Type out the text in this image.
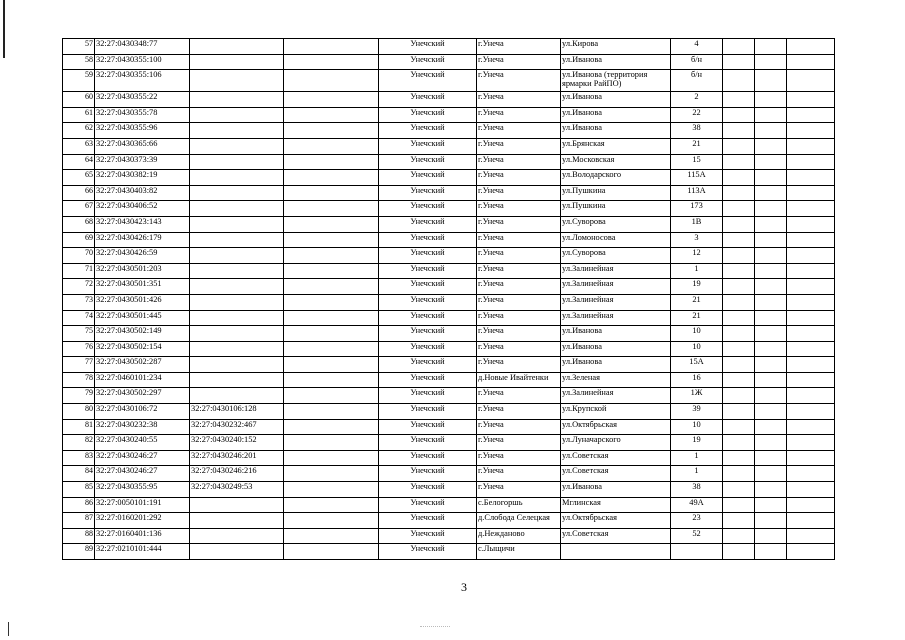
57	32:27:0430348:77			Унечский	г.Унеча	ул.Кирова	4			
58	32:27:0430355:100			Унечский	г.Унеча	ул.Иванова	б/н			
59	32:27:0430355:106			Унечский	г.Унеча	ул.Иванова (территория ярмарки РайПО)	б/н			
60	32:27:0430355:22			Унечский	г.Унеча	ул.Иванова	2			
61	32:27:0430355:78			Унечский	г.Унеча	ул.Иванова	22			
62	32:27:0430355:96			Унечский	г.Унеча	ул.Иванова	38			
63	32:27:0430365:66			Унечский	г.Унеча	ул.Брянская	21			
64	32:27:0430373:39			Унечский	г.Унеча	ул.Московская	15			
65	32:27:0430382:19			Унечский	г.Унеча	ул.Володарского	115А			
66	32:27:0430403:82			Унечский	г.Унеча	ул.Пушкина	113А			
67	32:27:0430406:52			Унечский	г.Унеча	ул.Пушкина	173			
68	32:27:0430423:143			Унечский	г.Унеча	ул.Суворова	1В			
69	32:27:0430426:179			Унечский	г.Унеча	ул.Ломоносова	3			
70	32:27:0430426:59			Унечский	г.Унеча	ул.Суворова	12			
71	32:27:0430501:203			Унечский	г.Унеча	ул.Залинейная	1			
72	32:27:0430501:351			Унечский	г.Унеча	ул.Залинейная	19			
73	32:27:0430501:426			Унечский	г.Унеча	ул.Залинейная	21			
74	32:27:0430501:445			Унечский	г.Унеча	ул.Залинейная	21			
75	32:27:0430502:149			Унечский	г.Унеча	ул.Иванова	10			
76	32:27:0430502:154			Унечский	г.Унеча	ул.Иванова	10			
77	32:27:0430502:287			Унечский	г.Унеча	ул.Иванова	15А			
78	32:27:0460101:234			Унечский	д.Новые Ивайтенки	ул.Зеленая	16			
79	32:27:0430502:297			Унечский	г.Унеча	ул.Залинейная	1Ж			
80	32:27:0430106:72	32:27:0430106:128		Унечский	г.Унеча	ул.Крупской	39			
81	32:27:0430232:38	32:27:0430232:467		Унечский	г.Унеча	ул.Октябрьская	10			
82	32:27:0430240:55	32:27:0430240:152		Унечский	г.Унеча	ул.Луначарского	19			
83	32:27:0430246:27	32:27:0430246:201		Унечский	г.Унеча	ул.Советская	1			
84	32:27:0430246:27	32:27:0430246:216		Унечский	г.Унеча	ул.Советская	1			
85	32:27:0430355:95	32:27:0430249:53		Унечский	г.Унеча	ул.Иванова	38			
86	32:27:0050101:191			Унечский	с.Белогоршь	Мглинская	49А			
87	32:27:0160201:292			Унечский	д.Слобода Селецкая	ул.Октябрьская	23			
88	32:27:0160401:136			Унечский	д.Нежданово	ул.Советская	52			
89	32:27:0210101:444			Унечский	с.Лыщичи					
3
